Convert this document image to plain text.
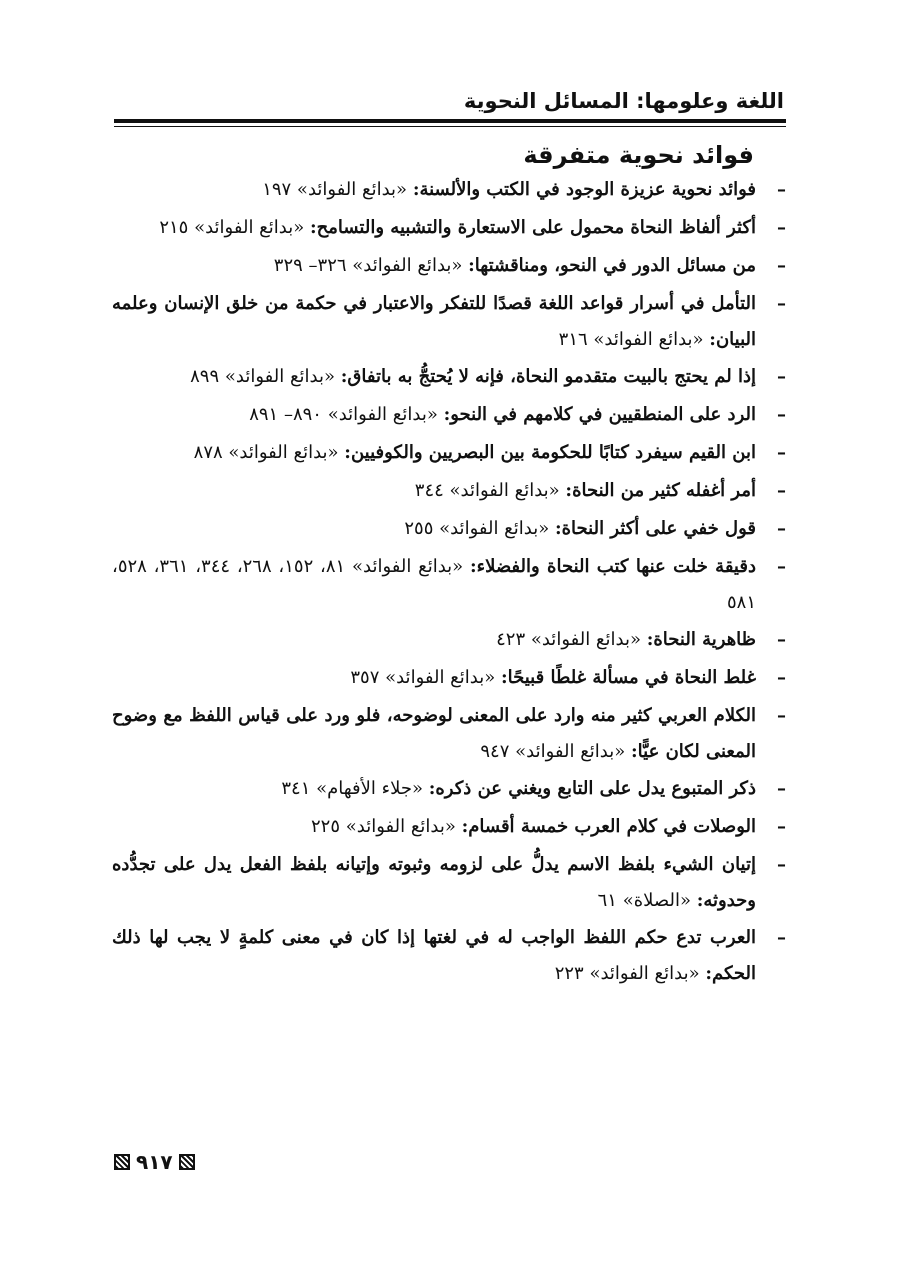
اللغة وعلومها: المسائل النحوية
فوائد نحوية متفرقة
–
فوائد نحوية عزيزة الوجود في الكتب والألسنة: «بدائع الفوائد» ١٩٧
–
أكثر ألفاظ النحاة محمول على الاستعارة والتشبيه والتسامح: «بدائع الفوائد» ٢١٥
–
من مسائل الدور في النحو، ومناقشتها: «بدائع الفوائد» ٣٢٦– ٣٢٩
–
التأمل في أسرار قواعد اللغة قصدًا للتفكر والاعتبار في حكمة من خلق الإنسان وعلمه البيان: «بدائع الفوائد» ٣١٦
–
إذا لم يحتج بالبيت متقدمو النحاة، فإنه لا يُحتجُّ به باتفاق: «بدائع الفوائد» ٨٩٩
–
الرد على المنطقيين في كلامهم في النحو: «بدائع الفوائد» ٨٩٠– ٨٩١
–
ابن القيم سيفرد كتابًا للحكومة بين البصريين والكوفيين: «بدائع الفوائد» ٨٧٨
–
أمر أغفله كثير من النحاة: «بدائع الفوائد» ٣٤٤
–
قول خفي على أكثر النحاة: «بدائع الفوائد» ٢٥٥
–
دقيقة خلت عنها كتب النحاة والفضلاء: «بدائع الفوائد» ٨١، ١٥٢، ٢٦٨، ٣٤٤، ٣٦١، ٥٢٨، ٥٨١
–
ظاهرية النحاة: «بدائع الفوائد» ٤٢٣
–
غلط النحاة في مسألة غلطًا قبيحًا: «بدائع الفوائد» ٣٥٧
–
الكلام العربي كثير منه وارد على المعنى لوضوحه، فلو ورد على قياس اللفظ مع وضوح المعنى لكان عيًّا: «بدائع الفوائد» ٩٤٧
–
ذكر المتبوع يدل على التابع ويغني عن ذكره: «جلاء الأفهام» ٣٤١
–
الوصلات في كلام العرب خمسة أقسام: «بدائع الفوائد» ٢٢٥
–
إتيان الشيء بلفظ الاسم يدلُّ على لزومه وثبوته وإتيانه بلفظ الفعل يدل على تجدُّده وحدوثه: «الصلاة» ٦١
–
العرب تدع حكم اللفظ الواجب له في لغتها إذا كان في معنى كلمةٍ لا يجب لها ذلك الحكم: «بدائع الفوائد» ٢٢٣
٩١٧
